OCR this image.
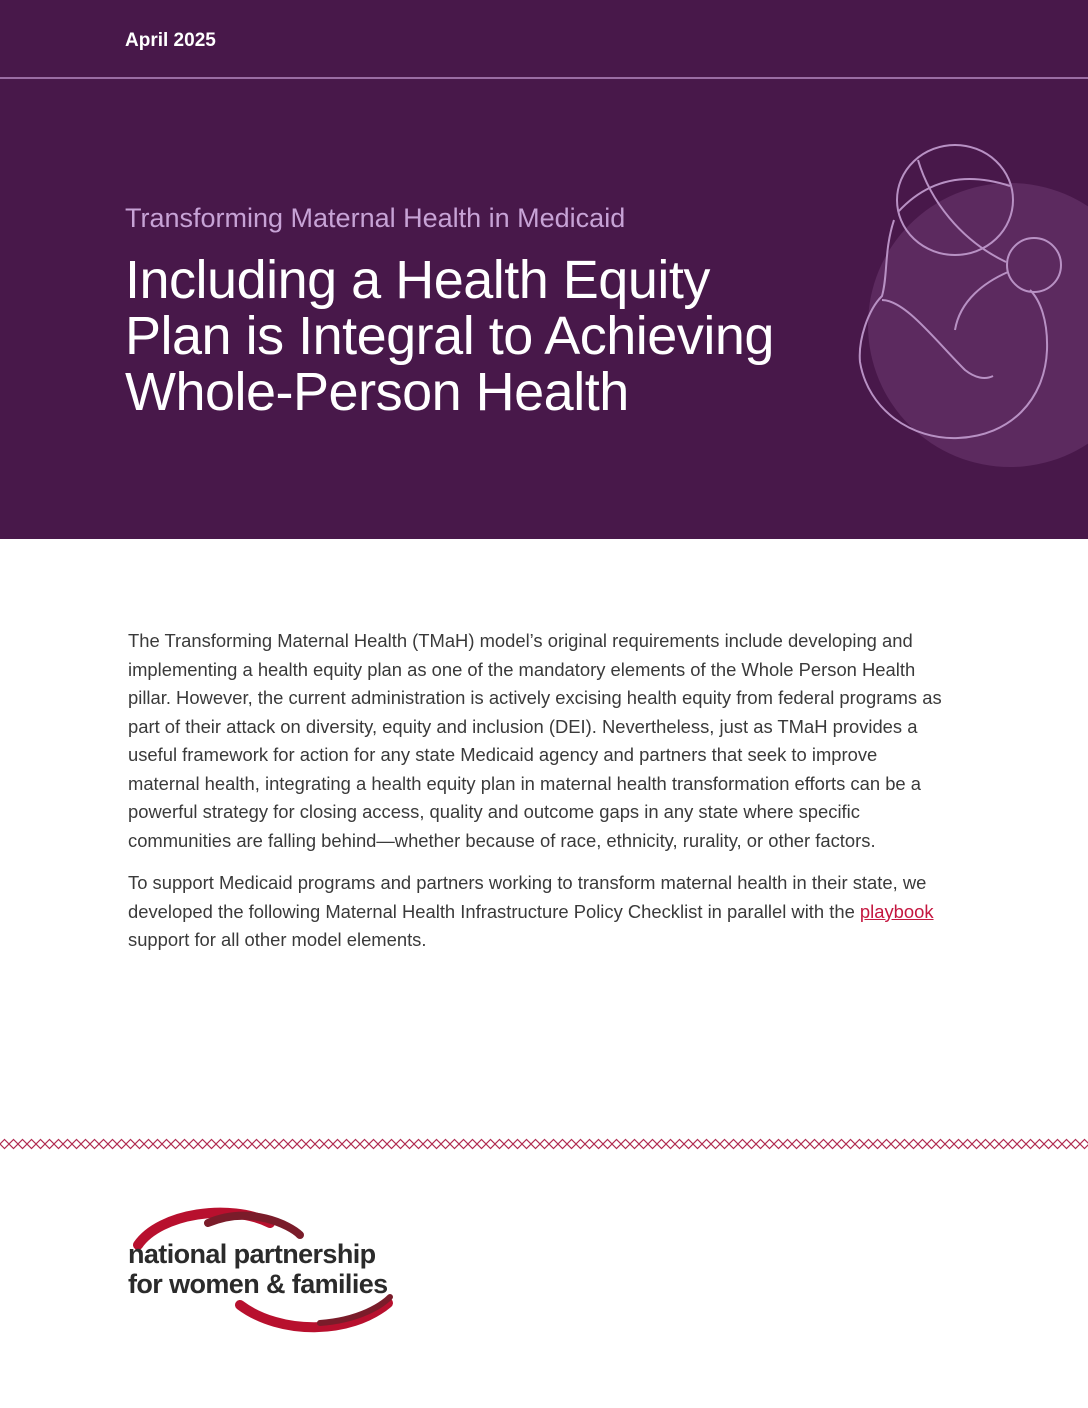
April 2025
Transforming Maternal Health in Medicaid
Including a Health Equity
Plan is Integral to Achieving
Whole-Person Health

The Transforming Maternal Health (TMaH) model’s original requirements include developing and implementing a health equity plan as one of the mandatory elements of the Whole Person Health pillar. However, the current administration is actively excising health equity from federal programs as part of their attack on diversity, equity and inclusion (DEI). Nevertheless, just as TMaH provides a useful framework for action for any state Medicaid agency and partners that seek to improve maternal health, integrating a health equity plan in maternal health transformation efforts can be a powerful strategy for closing access, quality and outcome gaps in any state where specific communities are falling behind—whether because of race, ethnicity, rurality, or other factors.

To support Medicaid programs and partners working to transform maternal health in their state, we developed the following Maternal Health Infrastructure Policy Checklist in parallel with the playbook support for all other model elements.

national partnership
for women & families
